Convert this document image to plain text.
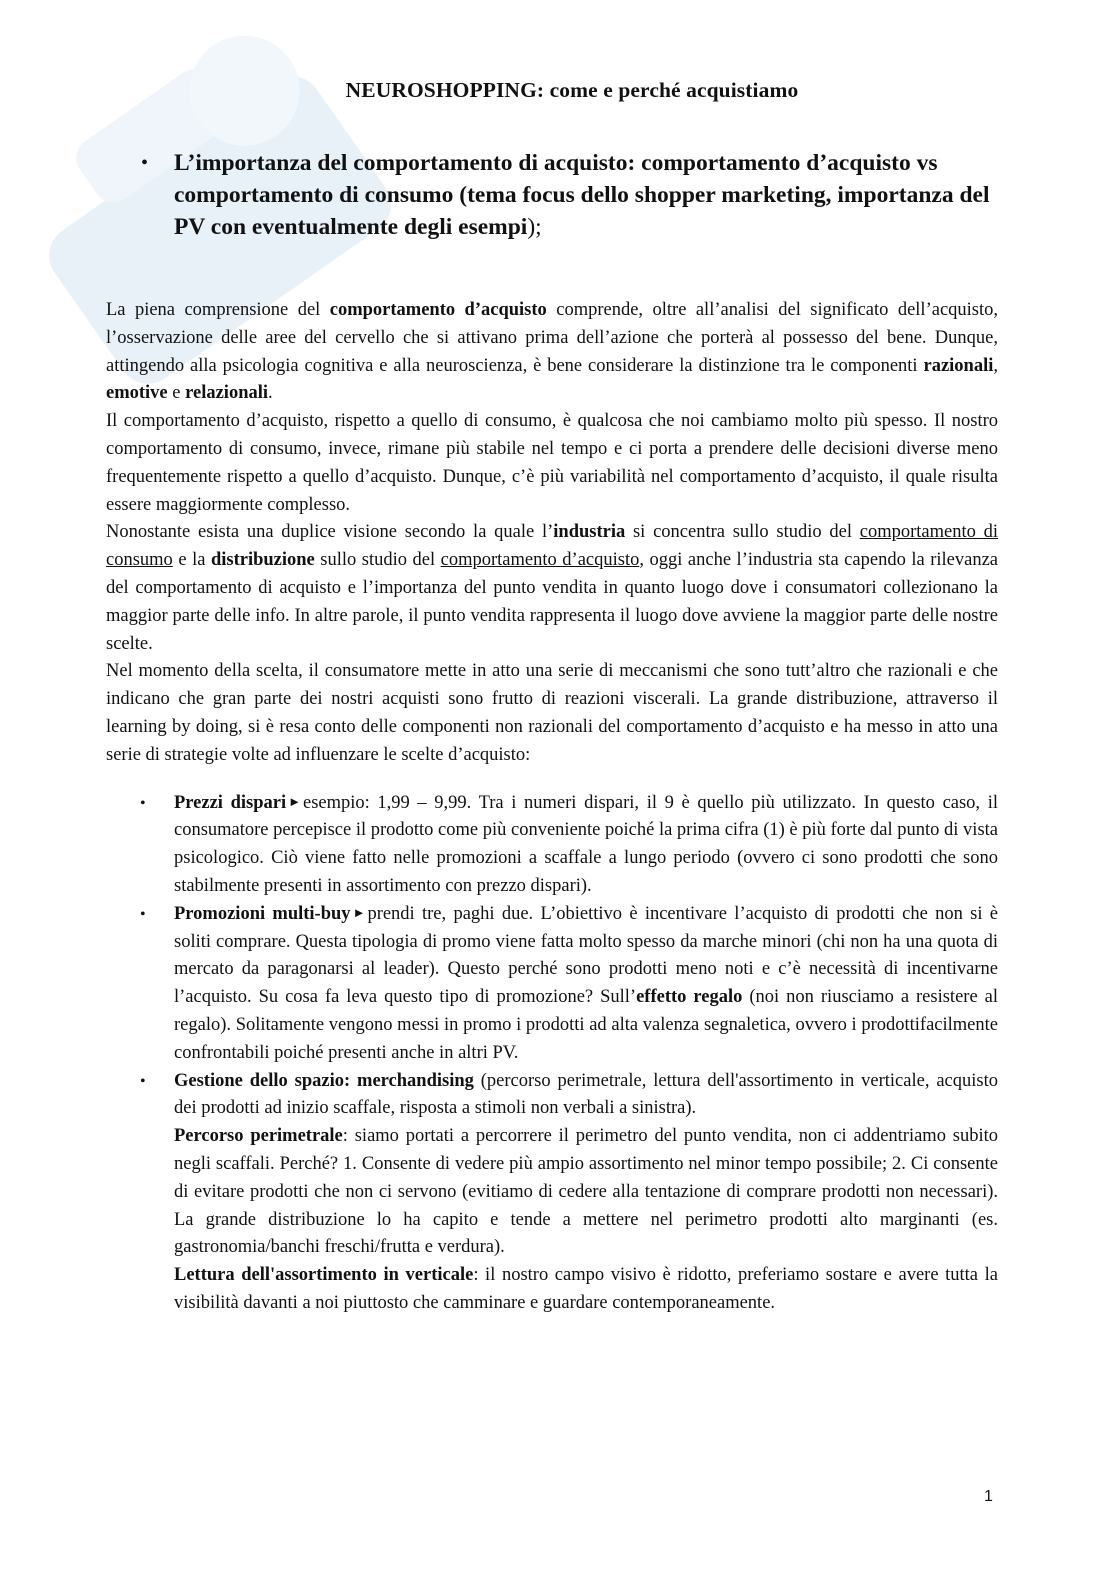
NEUROSHOPPING: come e perché acquistiamo
• L’importanza del comportamento di acquisto: comportamento d’acquisto vs comportamento di consumo (tema focus dello shopper marketing, importanza del PV con eventualmente degli esempi);

La piena comprensione del comportamento d’acquisto comprende, oltre all’analisi del significato dell’acquisto, l’osservazione delle aree del cervello che si attivano prima dell’azione che porterà al possesso del bene. Dunque, attingendo alla psicologia cognitiva e alla neuroscienza, è bene considerare la distinzione tra le componenti razionali, emotive e relazionali.

Il comportamento d’acquisto, rispetto a quello di consumo, è qualcosa che noi cambiamo molto più spesso. Il nostro comportamento di consumo, invece, rimane più stabile nel tempo e ci porta a prendere delle decisioni diverse meno frequentemente rispetto a quello d’acquisto. Dunque, c’è più variabilità nel comportamento d’acquisto, il quale risulta essere maggiormente complesso.

Nonostante esista una duplice visione secondo la quale l’industria si concentra sullo studio del comportamento di consumo e la distribuzione sullo studio del comportamento d’acquisto, oggi anche l’industria sta capendo la rilevanza del comportamento di acquisto e l’importanza del punto vendita in quanto luogo dove i consumatori collezionano la maggior parte delle info. In altre parole, il punto vendita rappresenta il luogo dove avviene la maggior parte delle nostre scelte.

Nel momento della scelta, il consumatore mette in atto una serie di meccanismi che sono tutt’altro che razionali e che indicano che gran parte dei nostri acquisti sono frutto di reazioni viscerali. La grande distribuzione, attraverso il learning by doing, si è resa conto delle componenti non razionali del comportamento d’acquisto e ha messo in atto una serie di strategie volte ad influenzare le scelte d’acquisto:

• Prezzi dispari ► esempio: 1,99 – 9,99. Tra i numeri dispari, il 9 è quello più utilizzato. In questo caso, il consumatore percepisce il prodotto come più conveniente poiché la prima cifra (1) è più forte dal punto di vista psicologico. Ciò viene fatto nelle promozioni a scaffale a lungo periodo (ovvero ci sono prodotti che sono stabilmente presenti in assortimento con prezzo dispari).
• Promozioni multi-buy ► prendi tre, paghi due. L’obiettivo è incentivare l’acquisto di prodotti che non si è soliti comprare. Questa tipologia di promo viene fatta molto spesso da marche minori (chi non ha una quota di mercato da paragonarsi al leader). Questo perché sono prodotti meno noti e c’è necessità di incentivarne l’acquisto. Su cosa fa leva questo tipo di promozione? Sull’effetto regalo (noi non riusciamo a resistere al regalo). Solitamente vengono messi in promo i prodotti ad alta valenza segnaletica, ovvero i prodottifacilmente confrontabili poiché presenti anche in altri PV.
• Gestione dello spazio: merchandising (percorso perimetrale, lettura dell'assortimento in verticale, acquisto dei prodotti ad inizio scaffale, risposta a stimoli non verbali a sinistra).
Percorso perimetrale: siamo portati a percorrere il perimetro del punto vendita, non ci addentriamo subito negli scaffali. Perché? 1. Consente di vedere più ampio assortimento nel minor tempo possibile; 2. Ci consente di evitare prodotti che non ci servono (evitiamo di cedere alla tentazione di comprare prodotti non necessari). La grande distribuzione lo ha capito e tende a mettere nel perimetro prodotti alto marginanti (es. gastronomia/banchi freschi/frutta e verdura).
Lettura dell'assortimento in verticale: il nostro campo visivo è ridotto, preferiamo sostare e avere tutta la visibilità davanti a noi piuttosto che camminare e guardare contemporaneamente.
1
